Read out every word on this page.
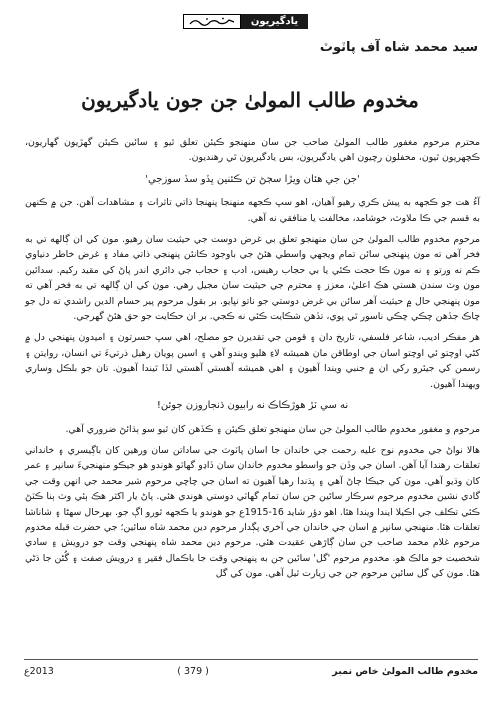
يادگيريون
سيد محمد شاه آف پاٽوٽ
مخدوم طالب المولىٰ جن جون يادگيريون

محترم مرحوم مغفور طالب المولىٰ صاحب جن سان منهنجو ڪيئن تعلق ٿيو ۽ سائين ڪيئن گهڙيون گهاريون، ڪچهريون ٿيون، محفلون رچيون اهي يادگيريون، بس يادگيريون ٿي رهنديون.

'جن جي هئان ويڙا سڄڻ تن ڪئنين ڀڏو سڏ سوزجي'

آءُ هت جو ڪجهه به پيش ڪري رهيو آهيان، اهو سڀ ڪجهه منهنجا پنهنجا ذاتي تاثرات ۽ مشاهدات آهن. جن ۾ ڪنهن به قسم جي ڪا ملاوٽ، خوشامد، مخالفت يا منافقي نه آهي.

مرحوم مخدوم طالب المولىٰ جن سان منهنجو تعلق بي غرض دوست جي حيثيت سان رهيو. مون کي ان ڳالهه تي به فخر آهي ته مون پنهنجي سائن تمام ويجهي واسطي هئڻ جي باوجود ڪانئن پنهنجي ذاتي مفاد ۽ غرض خاطر دنياوي ڪم نه ورتو ۽ نه مون ڪا حجت ڪئي يا بي حجاب رهيس، ادب ۽ حجاب جي دائري اندر پاڻ کي مقيد رکيم. سدائين مون وٽ سندن هستي هڪ اعليٰ، معزز ۽ محترم جي حيثيت سان مجيل رهي. مون کي ان ڳالهه تي به فخر آهي ته مون پنهنجي حال ۾ حيثيت آهر سائن بي غرض دوستي جو ناتو نڀايو. بر بقول مرحوم پير حسام الدين راشدي ته دل جو چاڪ جڏهن چڪي چڪي ناسور ٿي پوي، تڏهن شڪايت ڪئي نه ڪجي. بر ان حڪايت جو حق هئڻ گهرجي.

هر مفڪر اديب، شاعر فلسفي، تاريخ دان ۽ قومن جي تقديرن جو مصلح، اهي سڀ حسرتون ۽ اميدون پنهنجي دل ۾ کڻي اوچتو ئي اوچتو اسان جي اوطاقن مان هميشه لاءِ هليو ويندو آهي ۽ اسين پويان رهيل ذرتيءَ تي انسان، روايتن ۽ رسمن کي جيئرو رکي ان ۾ جنبي ويندا آهيون ۽ اهي هميشه آهستي آهستي لڏا ٿيندا آهيون. تان جو بلڪل وساري ويهندا آهيون.

نه سي ٽڙ هوڙڪاڪ نه رابيون ڌنجاروزن جوئن!

مرحوم و مغفور مخدوم طالب المولىٰ جن سان منهنجو تعلق ڪيئن ۽ ڪڏهن کان ٿيو سو ٻڌائڻ ضروري آهي.

هالا نواڻ جي مخدوم نوح عليه رحمت جي خاندان جا اسان پاٽوٽ جي ساداتن سان ورهين کان باڳيسري ۽ خانداني تعلقات رهندا آيا آهن. اسان جي وڏن جو واسطو مخدوم خاندان سان ڏاڍو گهاٽو هوندو هو جيڪو منهنجيءَ سانپر ۽ عمر کان وڌيو آهي. مون کي جيڪا ڄاڻ آهي ۽ پڌندا رهيا آهيون ته اسان جي چاچي مرحوم شير محمد جي انهن وقت جي گادي نشين مخدوم مرحوم سرڪار سائين جن سان تمام گهاٽي دوستي هوندي هئي. پاڻ يار اکثر هڪ ٻئي وٽ ٻنا ڪٽڻ ڪئي تڪلف جي اڪيلا ايندا ويندا هئا. اهو دؤر شايد 16-1915ع جو هوندو يا ڪجهه ٿورو اڳ جو. بهرحال سهڻا ۽ شاناشا تعلقات هئا. منهنجي سانپر ۾ اسان جي خاندان جي آخري پڳدار مرحوم دين محمد شاه سائين؛ جي حضرت قبله مخدوم مرحوم غلام محمد صاحب جن سان ڳاڙهي عقيدت هئي. مرحوم دين محمد شاه پنهنجي وقت جو درويش ۽ سادي شخصيت جو مالڪ هو. مخدوم مرحوم 'گل' سائين جن به پنهنجي وقت جا باڪمال فقير ۽ درويش صفت ۽ گُڻن جا ڌڻي هئا. مون کي گل سائين مرحوم جن جي زيارت ٿيل آهي. مون کي گل

مخدوم طالب المولىٰ خاص نمبر
( 379 )
2013ع
